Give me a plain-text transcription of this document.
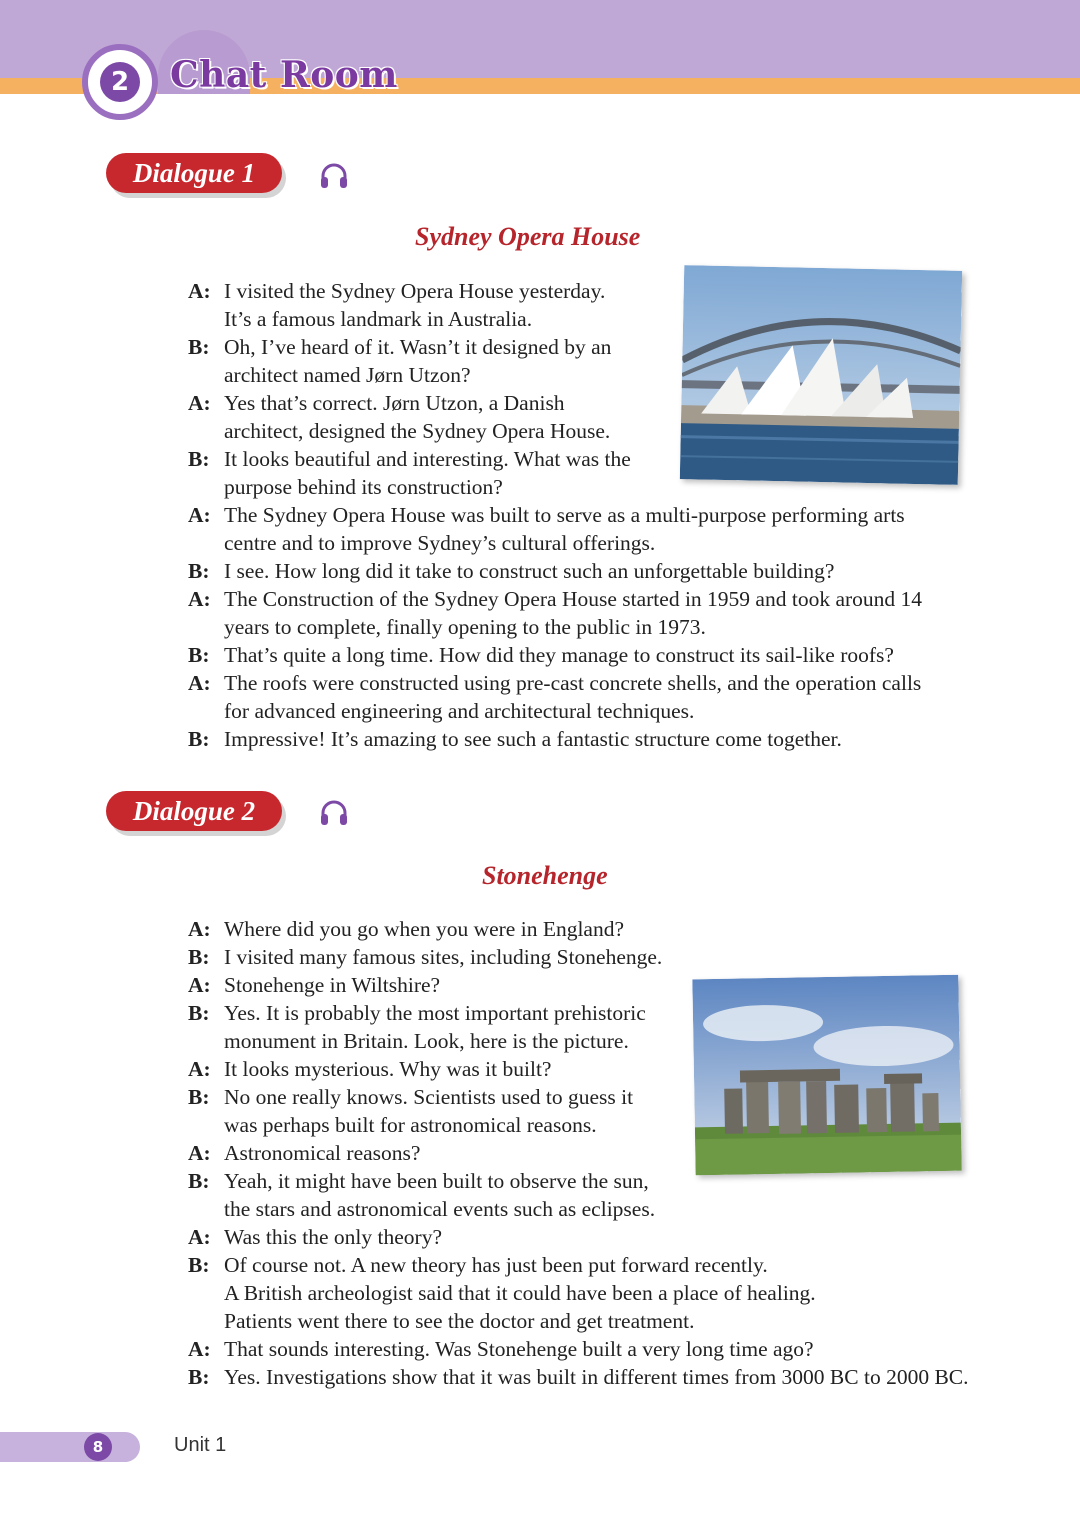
2	Chat Room
Dialogue 1
Sydney Opera House
A: I visited the Sydney Opera House yesterday.
It’s a famous landmark in Australia.
B: Oh, I’ve heard of it. Wasn’t it designed by an
architect named Jørn Utzon?
A: Yes that’s correct. Jørn Utzon, a Danish
architect, designed the Sydney Opera House.
B: It looks beautiful and interesting. What was the
purpose behind its construction?
A: The Sydney Opera House was built to serve as a multi-purpose performing arts
centre and to improve Sydney’s cultural offerings.
B: I see. How long did it take to construct such an unforgettable building?
A: The Construction of the Sydney Opera House started in 1959 and took around 14
years to complete, finally opening to the public in 1973.
B: That’s quite a long time. How did they manage to construct its sail-like roofs?
A: The roofs were constructed using pre-cast concrete shells, and the operation calls
for advanced engineering and architectural techniques.
B: Impressive! It’s amazing to see such a fantastic structure come together.
Dialogue 2
Stonehenge
A: Where did you go when you were in England?
B: I visited many famous sites, including Stonehenge.
A: Stonehenge in Wiltshire?
B: Yes. It is probably the most important prehistoric
monument in Britain. Look, here is the picture.
A: It looks mysterious. Why was it built?
B: No one really knows. Scientists used to guess it
was perhaps built for astronomical reasons.
A: Astronomical reasons?
B: Yeah, it might have been built to observe the sun,
the stars and astronomical events such as eclipses.
A: Was this the only theory?
B: Of course not. A new theory has just been put forward recently.
A British archeologist said that it could have been a place of healing.
Patients went there to see the doctor and get treatment.
A: That sounds interesting. Was Stonehenge built a very long time ago?
B: Yes. Investigations show that it was built in different times from 3000 BC to 2000 BC.
8	Unit 1
